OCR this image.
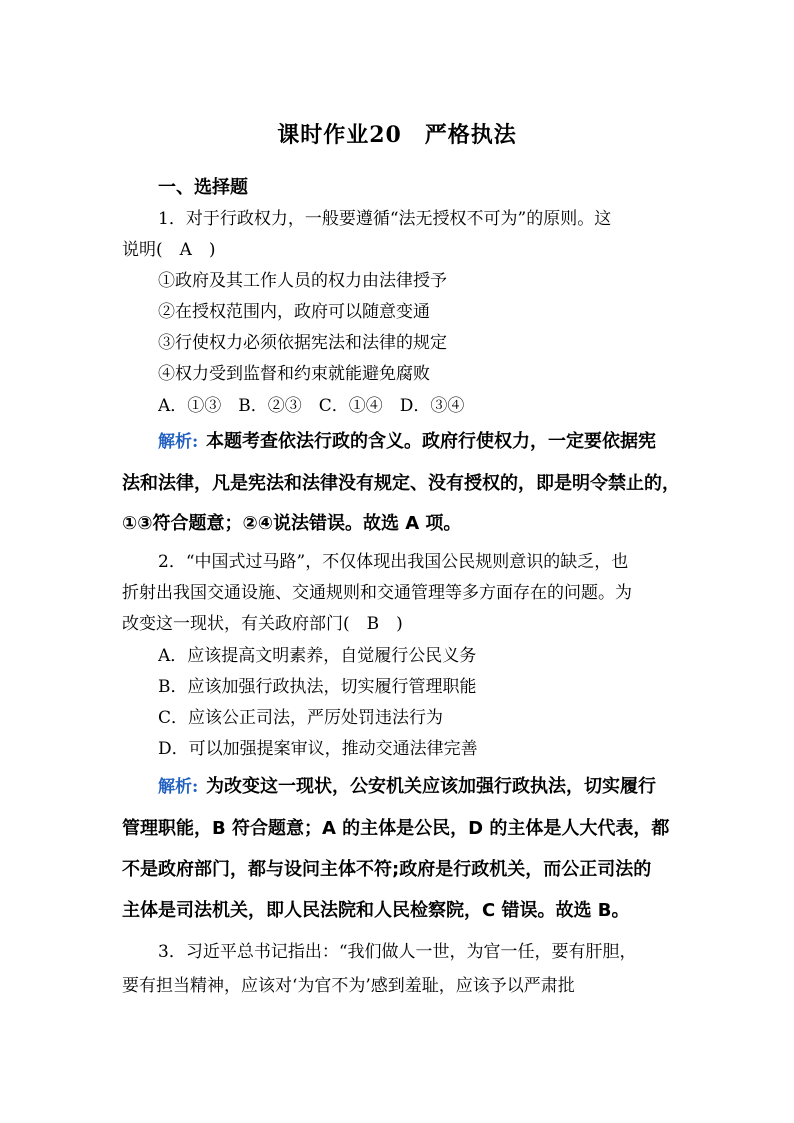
课时作业20　严格执法
一、选择题
1．对于行政权力，一般要遵循“法无授权不可为”的原则。这
说明(　A　)
①政府及其工作人员的权力由法律授予
②在授权范围内，政府可以随意变通
③行使权力必须依据宪法和法律的规定
④权力受到监督和约束就能避免腐败
A．①③　B．②③　C．①④　D．③④
解析: 本题考查依法行政的含义。政府行使权力，一定要依据宪
法和法律，凡是宪法和法律没有规定、没有授权的，即是明令禁止的，
①③符合题意；②④说法错误。故选 A 项。
2．“中国式过马路”，不仅体现出我国公民规则意识的缺乏，也
折射出我国交通设施、交通规则和交通管理等多方面存在的问题。为
改变这一现状，有关政府部门(　B　)
A．应该提高文明素养，自觉履行公民义务
B．应该加强行政执法，切实履行管理职能
C．应该公正司法，严厉处罚违法行为
D．可以加强提案审议，推动交通法律完善
解析: 为改变这一现状，公安机关应该加强行政执法，切实履行
管理职能，B 符合题意；A 的主体是公民，D 的主体是人大代表，都
不是政府部门，都与设问主体不符;政府是行政机关，而公正司法的
主体是司法机关，即人民法院和人民检察院，C 错误。故选 B。
3．习近平总书记指出：“我们做人一世，为官一任，要有肝胆，
要有担当精神，应该对‘为官不为’感到羞耻，应该予以严肃批
